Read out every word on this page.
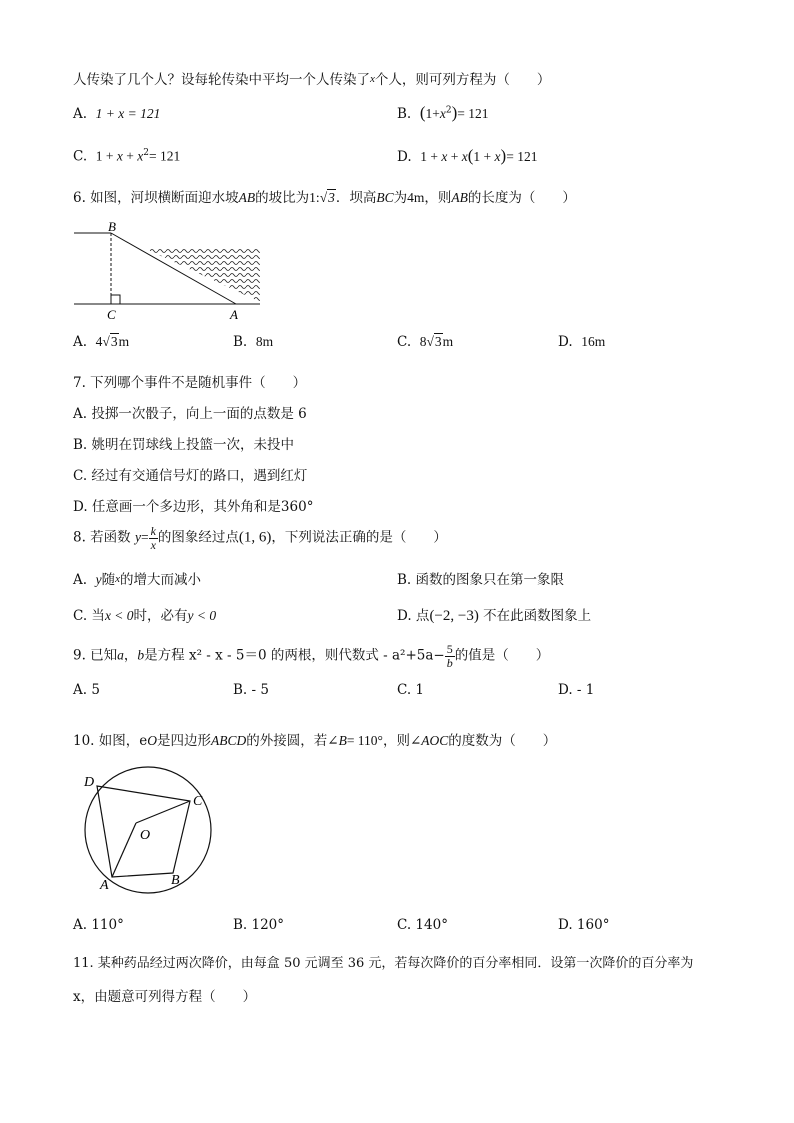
人传染了几个人？设每轮传染中平均一个人传染了x个人，则可列方程为（　　）
A. 1 + x = 121	B. $(1+x^2)= 121$
C. $1 + x + x^2= 121$	D. 1 + x + x(1 + x)= 121
6. 如图，河坝横断面迎水坡AB的坡比为1:√3．坝高BC为4m，则AB的长度为（　　）
B
C	A
A. 4√3m	B. 8m	C. 8√3m	D. 16m
7. 下列哪个事件不是随机事件（　　）
A. 投掷一次骰子，向上一面的点数是 6
B. 姚明在罚球线上投篮一次，未投中
C. 经过有交通信号灯的路口，遇到红灯
D. 任意画一个多边形，其外角和是360°
8. 若函数 $y= \frac{k}{x}$ 的图象经过点(1, 6)，下列说法正确的是（　　）
A. y随x的增大而减小	B. 函数的图象只在第一象限
C. 当x < 0时，必有y < 0	D. 点(−2, −3) 不在此函数图象上
9. 已知a，b是方程 x² - x - 5＝0 的两根，则代数式 - $a^2+5a- \frac{5}{b}$ 的值是（　　）
A. 5	B. - 5	C. 1	D. - 1
10. 如图，eO是四边形ABCD的外接圆，若∠B= 110°，则∠AOC的度数为（　　）
D
C
O
A	B
A. 110°	B. 120°	C. 140°	D. 160°
11. 某种药品经过两次降价，由每盒 50 元调至 36 元，若每次降价的百分率相同．设第一次降价的百分率为
x，由题意可列得方程（　　）
